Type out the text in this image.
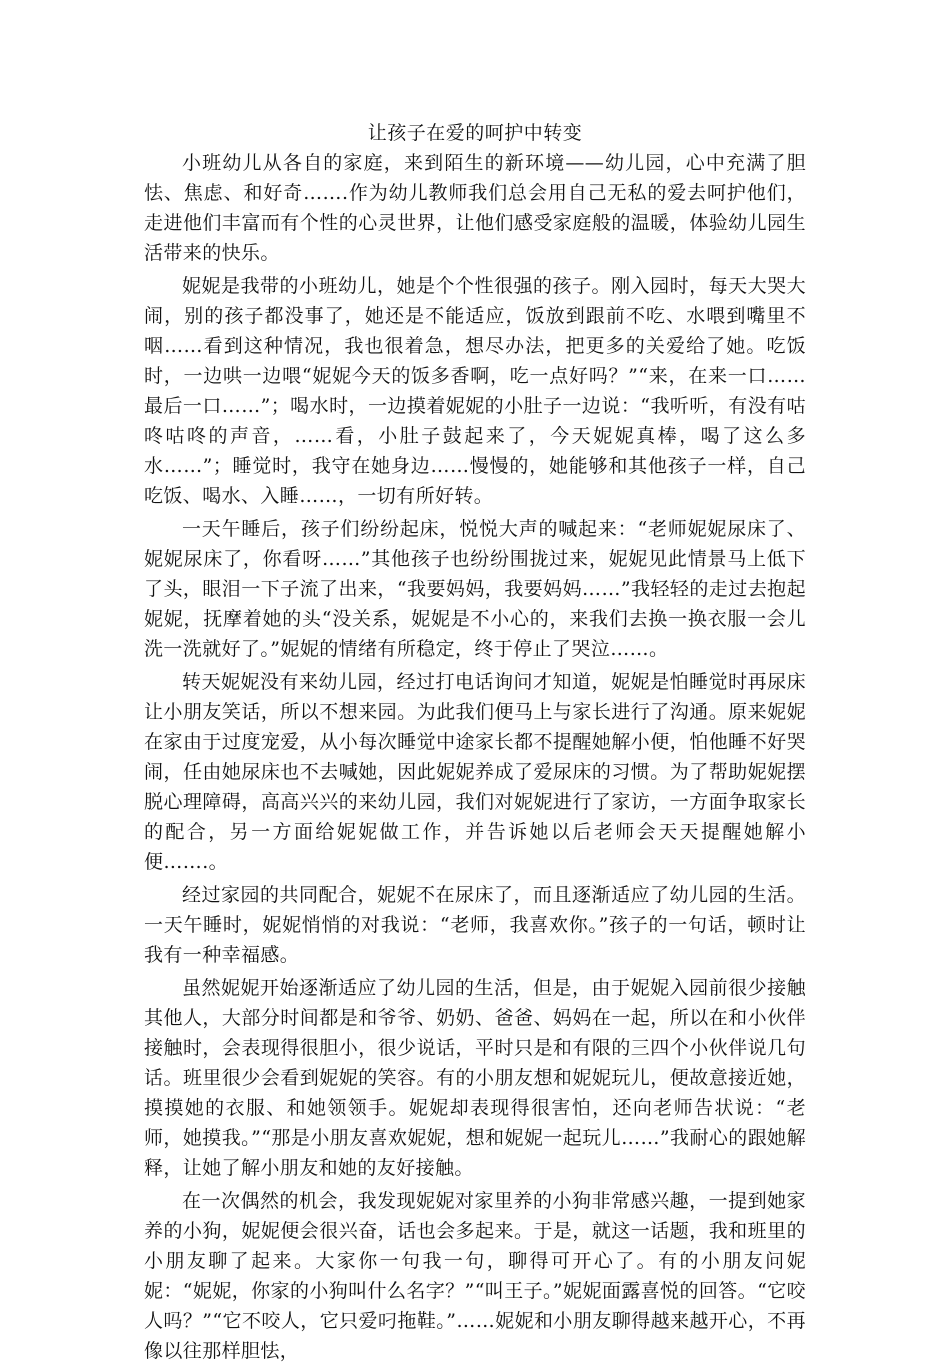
让孩子在爱的呵护中转变

小班幼儿从各自的家庭，来到陌生的新环境——幼儿园，心中充满了胆怯、焦虑、和好奇…….作为幼儿教师我们总会用自己无私的爱去呵护他们，走进他们丰富而有个性的心灵世界，让他们感受家庭般的温暖，体验幼儿园生活带来的快乐。

妮妮是我带的小班幼儿，她是个个性很强的孩子。刚入园时，每天大哭大闹，别的孩子都没事了，她还是不能适应，饭放到跟前不吃、水喂到嘴里不咽……看到这种情况，我也很着急，想尽办法，把更多的关爱给了她。吃饭时，一边哄一边喂“妮妮今天的饭多香啊，吃一点好吗？”“来，在来一口……最后一口……”；喝水时，一边摸着妮妮的小肚子一边说：“我听听，有没有咕咚咕咚的声音，……看，小肚子鼓起来了，今天妮妮真棒，喝了这么多水……”；睡觉时，我守在她身边……慢慢的，她能够和其他孩子一样，自己吃饭、喝水、入睡……，一切有所好转。

一天午睡后，孩子们纷纷起床，悦悦大声的喊起来：“老师妮妮尿床了、妮妮尿床了，你看呀……”其他孩子也纷纷围拢过来，妮妮见此情景马上低下了头，眼泪一下子流了出来，“我要妈妈，我要妈妈……”我轻轻的走过去抱起妮妮，抚摩着她的头“没关系，妮妮是不小心的，来我们去换一换衣服一会儿洗一洗就好了。”妮妮的情绪有所稳定，终于停止了哭泣……。

转天妮妮没有来幼儿园，经过打电话询问才知道，妮妮是怕睡觉时再尿床让小朋友笑话，所以不想来园。为此我们便马上与家长进行了沟通。原来妮妮在家由于过度宠爱，从小每次睡觉中途家长都不提醒她解小便，怕他睡不好哭闹，任由她尿床也不去喊她，因此妮妮养成了爱尿床的习惯。为了帮助妮妮摆脱心理障碍，高高兴兴的来幼儿园，我们对妮妮进行了家访，一方面争取家长的配合，另一方面给妮妮做工作，并告诉她以后老师会天天提醒她解小便…….。

经过家园的共同配合，妮妮不在尿床了，而且逐渐适应了幼儿园的生活。一天午睡时，妮妮悄悄的对我说：“老师，我喜欢你。”孩子的一句话，顿时让我有一种幸福感。

虽然妮妮开始逐渐适应了幼儿园的生活，但是，由于妮妮入园前很少接触其他人，大部分时间都是和爷爷、奶奶、爸爸、妈妈在一起，所以在和小伙伴接触时，会表现得很胆小，很少说话，平时只是和有限的三四个小伙伴说几句话。班里很少会看到妮妮的笑容。有的小朋友想和妮妮玩儿，便故意接近她，摸摸她的衣服、和她领领手。妮妮却表现得很害怕，还向老师告状说：“老师，她摸我。”“那是小朋友喜欢妮妮，想和妮妮一起玩儿……”我耐心的跟她解释，让她了解小朋友和她的友好接触。

在一次偶然的机会，我发现妮妮对家里养的小狗非常感兴趣，一提到她家养的小狗，妮妮便会很兴奋，话也会多起来。于是，就这一话题，我和班里的小朋友聊了起来。大家你一句我一句，聊得可开心了。有的小朋友问妮妮：“妮妮，你家的小狗叫什么名字？”“叫王子。”妮妮面露喜悦的回答。“它咬人吗？”“它不咬人，它只爱叼拖鞋。”……妮妮和小朋友聊得越来越开心，不再像以往那样胆怯，
